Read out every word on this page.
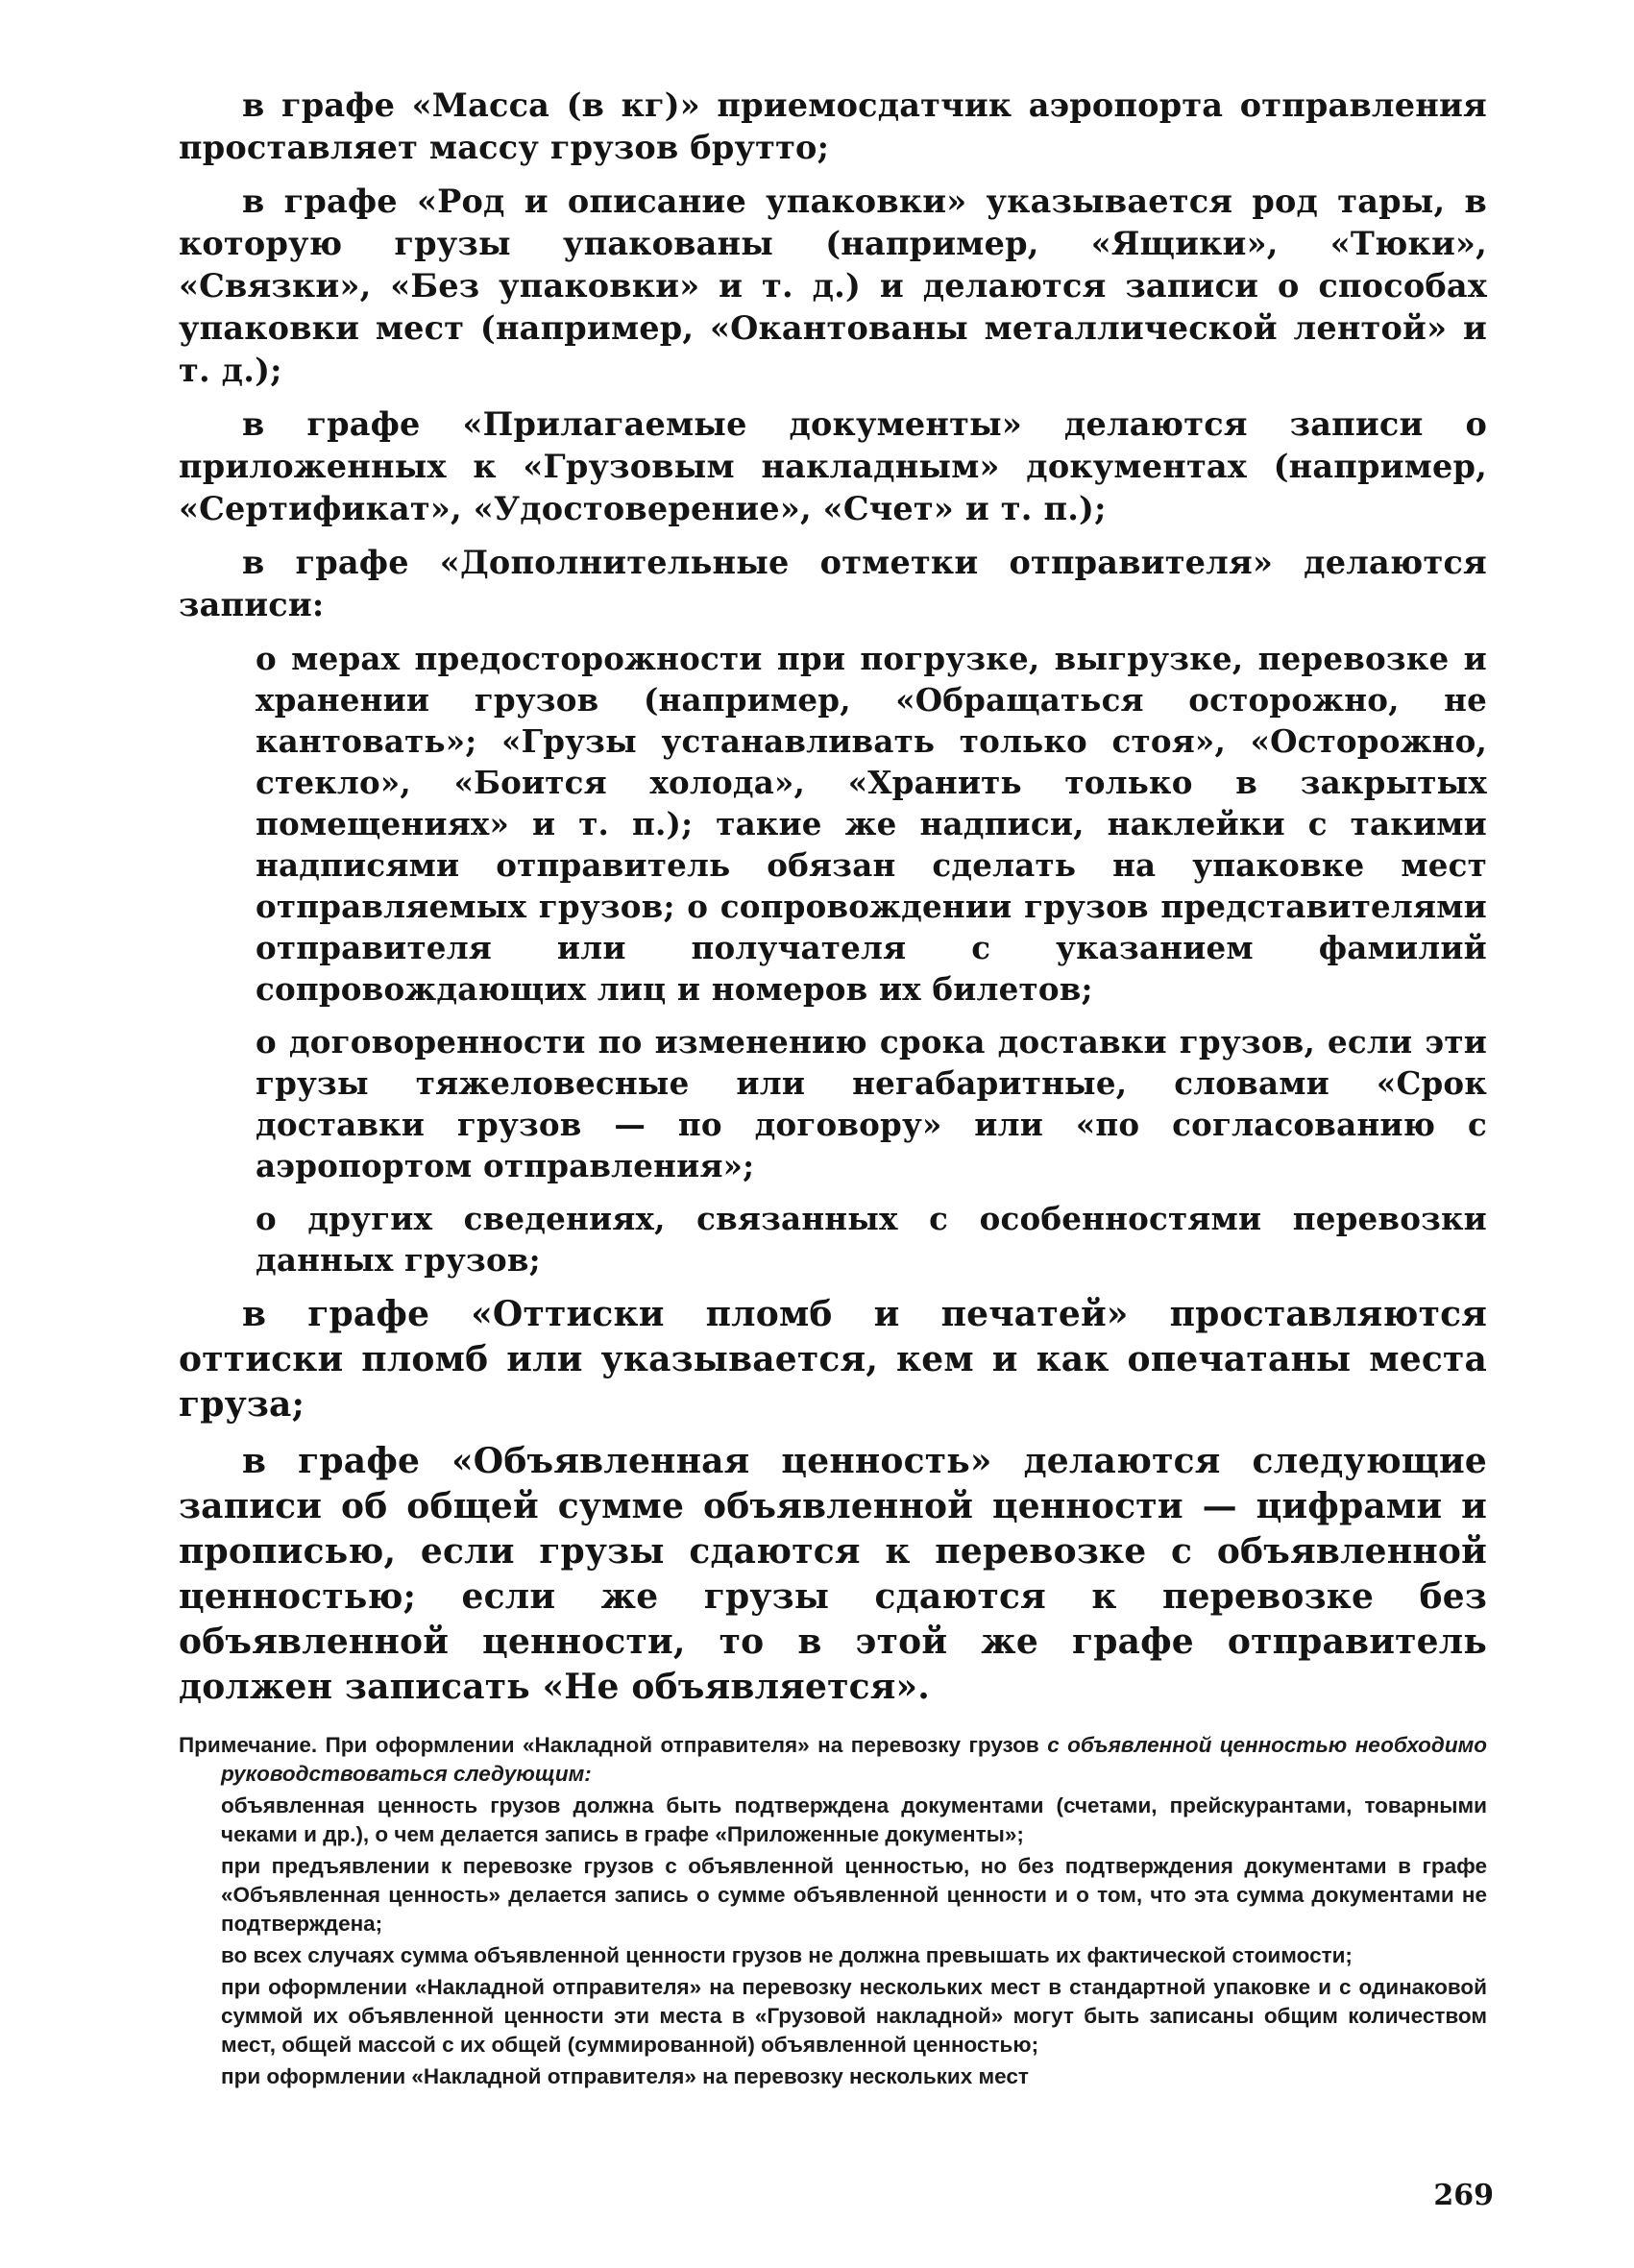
в графе «Масса (в кг)» приемосдатчик аэропорта отправления проставляет массу грузов брутто;

в графе «Род и описание упаковки» указывается род тары, в которую грузы упакованы (например, «Ящики», «Тюки», «Связки», «Без упаковки» и т. д.) и делаются записи о способах упаковки мест (например, «Окантованы металлической лентой» и т. д.);

в графе «Прилагаемые документы» делаются записи о приложенных к «Грузовым накладным» документах (например, «Сертификат», «Удостоверение», «Счет» и т. п.);

в графе «Дополнительные отметки отправителя» делаются записи:

о мерах предосторожности при погрузке, выгрузке, перевозке и хранении грузов (например, «Обращаться осторожно, не кантовать»; «Грузы устанавливать только стоя», «Осторожно, стекло», «Боится холода», «Хранить только в закрытых помещениях» и т. п.); такие же надписи, наклейки с такими надписями отправитель обязан сделать на упаковке мест отправляемых грузов; о сопровождении грузов представителями отправителя или получателя с указанием фамилий сопровождающих лиц и номеров их билетов;

о договоренности по изменению срока доставки грузов, если эти грузы тяжеловесные или негабаритные, словами «Срок доставки грузов — по договору» или «по согласованию с аэропортом отправления»;

о других сведениях, связанных с особенностями перевозки данных грузов;

в графе «Оттиски пломб и печатей» проставляются оттиски пломб или указывается, кем и как опечатаны места груза;

в графе «Объявленная ценность» делаются следующие записи об общей сумме объявленной ценности — цифрами и прописью, если грузы сдаются к перевозке с объявленной ценностью; если же грузы сдаются к перевозке без объявленной ценности, то в этой же графе отправитель должен записать «Не объявляется».

Примечание. При оформлении «Накладной отправителя» на перевозку грузов с объявленной ценностью необходимо руководствоваться следующим:

объявленная ценность грузов должна быть подтверждена документами (счетами, прейскурантами, товарными чеками и др.), о чем делается запись в графе «Приложенные документы»;

при предъявлении к перевозке грузов с объявленной ценностью, но без подтверждения документами в графе «Объявленная ценность» делается запись о сумме объявленной ценности и о том, что эта сумма документами не подтверждена;

во всех случаях сумма объявленной ценности грузов не должна превышать их фактической стоимости;

при оформлении «Накладной отправителя» на перевозку нескольких мест в стандартной упаковке и с одинаковой суммой их объявленной ценности эти места в «Грузовой накладной» могут быть записаны общим количеством мест, общей массой с их общей (суммированной) объявленной ценностью;

при оформлении «Накладной отправителя» на перевозку нескольких мест

269
